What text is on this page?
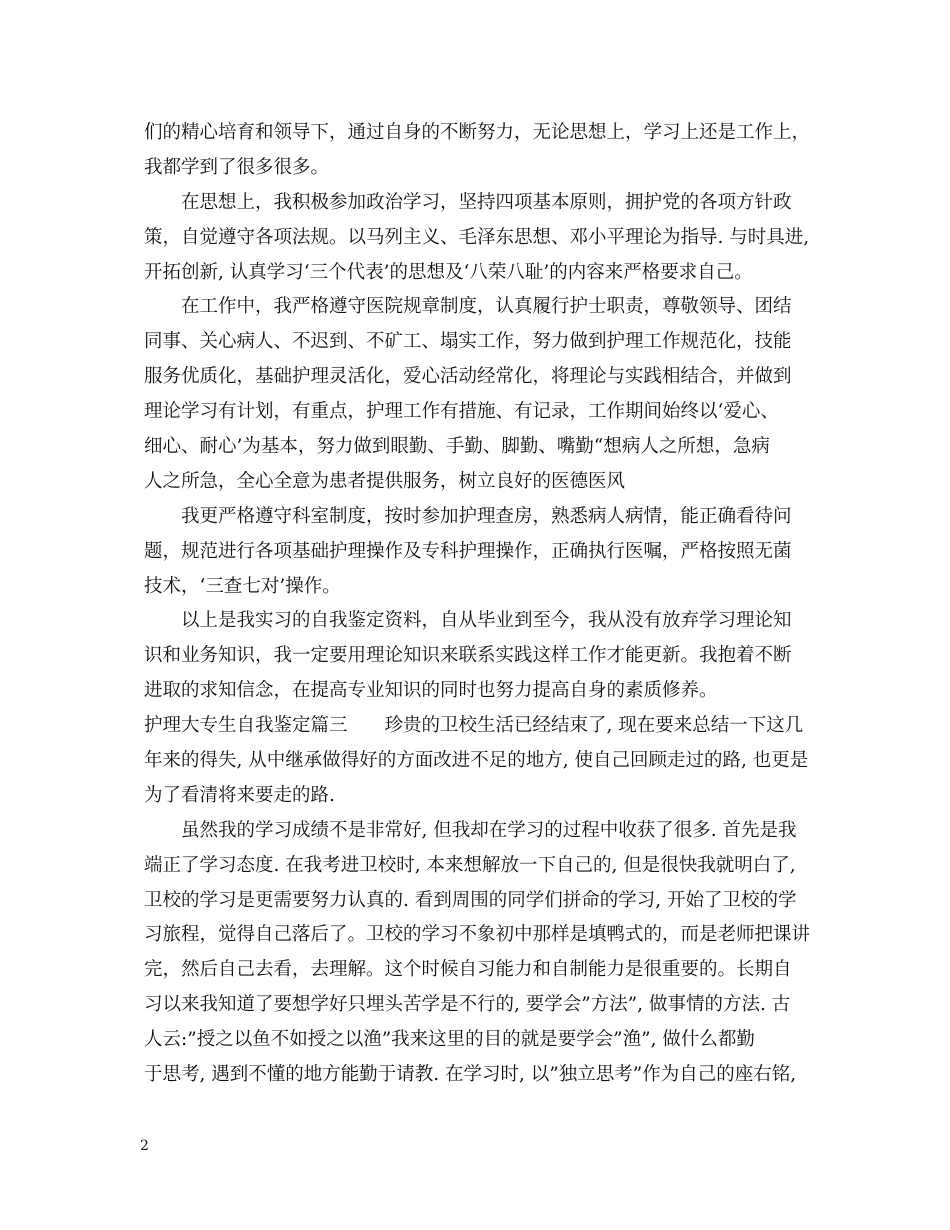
们的精心培育和领导下，通过自身的不断努力，无论思想上，学习上还是工作上，
我都学到了很多很多。
在思想上，我积极参加政治学习，坚持四项基本原则，拥护党的各项方针政
策，自觉遵守各项法规。以马列主义、毛泽东思想、邓小平理论为指导. 与时具进,
开拓创新, 认真学习‘三个代表’的思想及‘八荣八耻’的内容来严格要求自己。
在工作中，我严格遵守医院规章制度，认真履行护士职责，尊敬领导、团结
同事、关心病人、不迟到、不矿工、塌实工作，努力做到护理工作规范化，技能
服务优质化，基础护理灵活化，爱心活动经常化，将理论与实践相结合，并做到
理论学习有计划，有重点，护理工作有措施、有记录，工作期间始终以‘爱心、
细心、耐心’为基本，努力做到眼勤、手勤、脚勤、嘴勤“想病人之所想，急病
人之所急，全心全意为患者提供服务，树立良好的医德医风
我更严格遵守科室制度，按时参加护理查房，熟悉病人病情，能正确看待问
题，规范进行各项基础护理操作及专科护理操作，正确执行医嘱，严格按照无菌
技术，‘三查七对’操作。
以上是我实习的自我鉴定资料，自从毕业到至今，我从没有放弃学习理论知
识和业务知识，我一定要用理论知识来联系实践这样工作才能更新。我抱着不断
进取的求知信念，在提高专业知识的同时也努力提高自身的素质修养。
护理大专生自我鉴定篇三　　珍贵的卫校生活已经结束了, 现在要来总结一下这几
年来的得失, 从中继承做得好的方面改进不足的地方, 使自己回顾走过的路, 也更是
为了看清将来要走的路.
虽然我的学习成绩不是非常好, 但我却在学习的过程中收获了很多. 首先是我
端正了学习态度. 在我考进卫校时, 本来想解放一下自己的, 但是很快我就明白了,
卫校的学习是更需要努力认真的. 看到周围的同学们拼命的学习, 开始了卫校的学
习旅程，觉得自己落后了。卫校的学习不象初中那样是填鸭式的，而是老师把课讲
完，然后自己去看，去理解。这个时候自习能力和自制能力是很重要的。长期自
习以来我知道了要想学好只埋头苦学是不行的, 要学会”方法”, 做事情的方法. 古
人云:”授之以鱼不如授之以渔”我来这里的目的就是要学会”渔”, 做什么都勤
于思考, 遇到不懂的地方能勤于请教. 在学习时, 以”独立思考”作为自己的座右铭,
2
